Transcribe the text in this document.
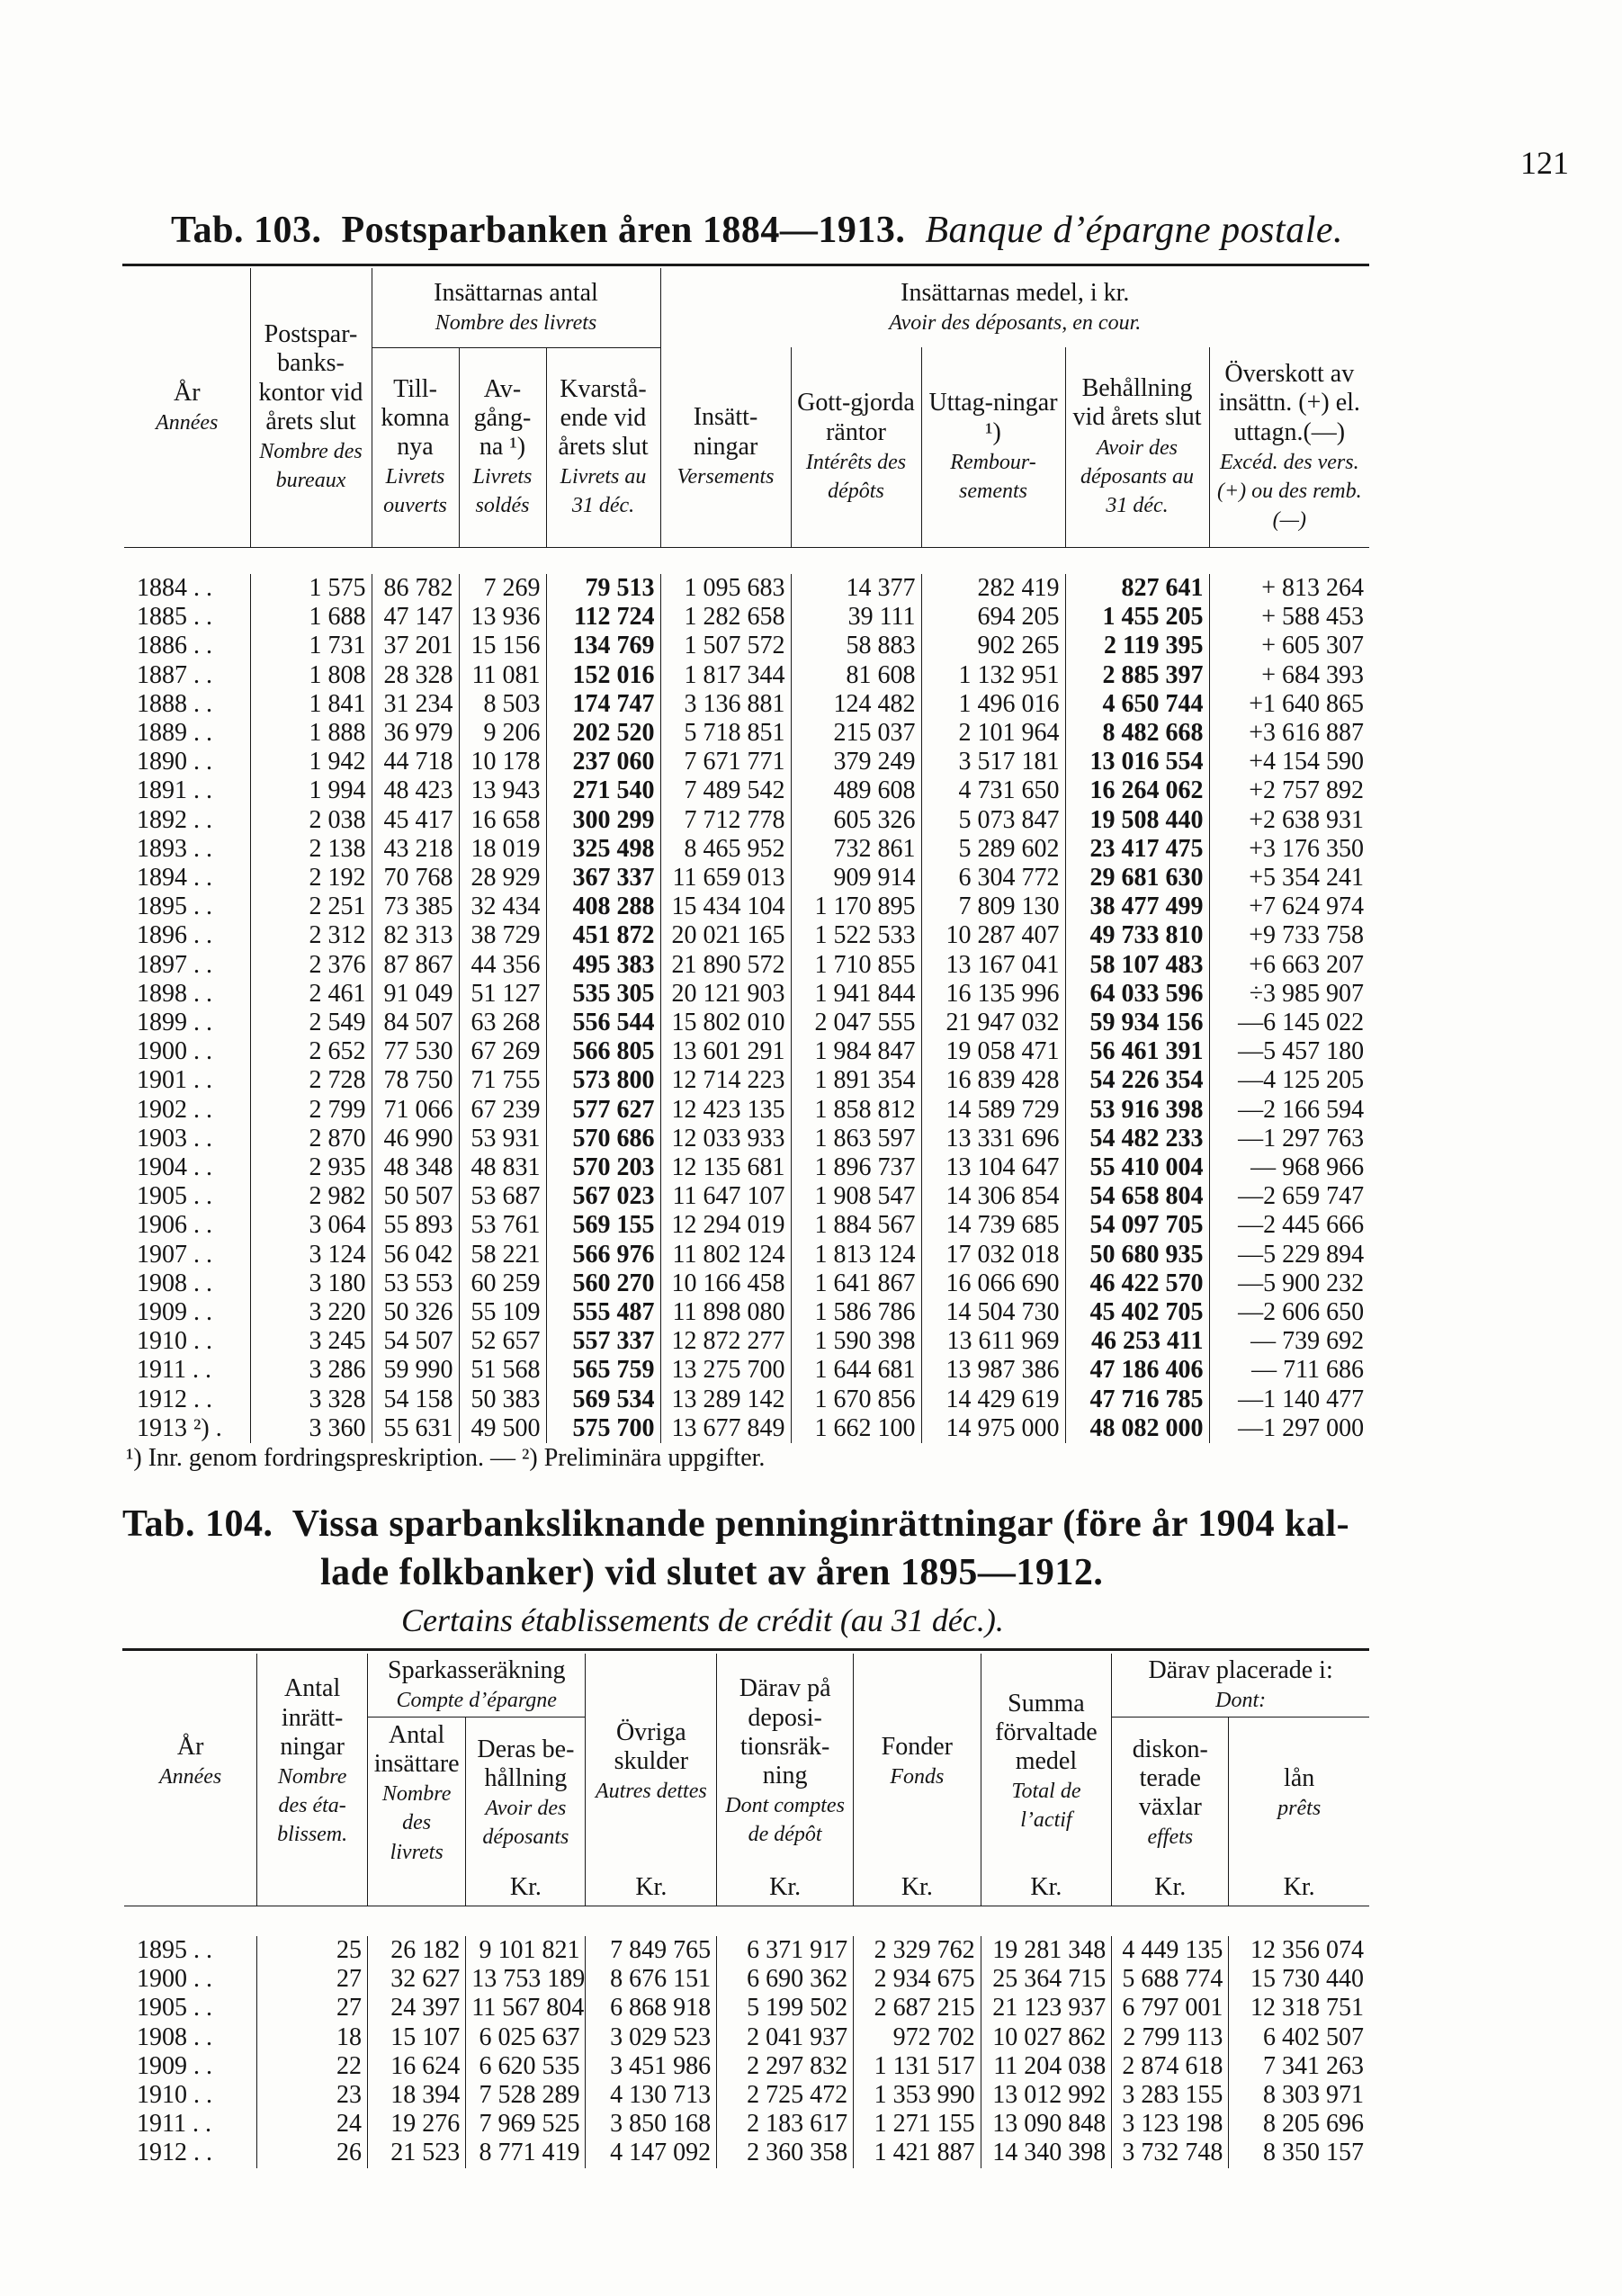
121
Tab. 103. Postsparbanken åren 1884—1913. Banque d’épargne postale.
År
Années	Postspar-banks-kontor vid årets slut
Nombre des bureaux	Insättarnas antal
Nombre des livrets			Insättarnas medel, i kr.
Avoir des déposants, en cour.				
		Till-komna nya
Livrets ouverts	Av-gång-na ¹)
Livrets soldés	Kvarstå-ende vid årets slut
Livrets au 31 déc.	Insätt-ningar
Versements	Gott-gjorda räntor
Intérêts des dépôts	Uttag-ningar ¹)
Rembour-sements	Behållning vid årets slut
Avoir des déposants au 31 déc.	Överskott av insättn. (+) el. uttagn.(—)
Excéd. des vers. (+) ou des remb. (—)

1884 . .	1 575	86 782	7 269	79 513	1 095 683	14 377	282 419	827 641	+ 813 264
1885 . .	1 688	47 147	13 936	112 724	1 282 658	39 111	694 205	1 455 205	+ 588 453
1886 . .	1 731	37 201	15 156	134 769	1 507 572	58 883	902 265	2 119 395	+ 605 307
1887 . .	1 808	28 328	11 081	152 016	1 817 344	81 608	1 132 951	2 885 397	+ 684 393
1888 . .	1 841	31 234	8 503	174 747	3 136 881	124 482	1 496 016	4 650 744	+1 640 865
1889 . .	1 888	36 979	9 206	202 520	5 718 851	215 037	2 101 964	8 482 668	+3 616 887
1890 . .	1 942	44 718	10 178	237 060	7 671 771	379 249	3 517 181	13 016 554	+4 154 590
1891 . .	1 994	48 423	13 943	271 540	7 489 542	489 608	4 731 650	16 264 062	+2 757 892
1892 . .	2 038	45 417	16 658	300 299	7 712 778	605 326	5 073 847	19 508 440	+2 638 931
1893 . .	2 138	43 218	18 019	325 498	8 465 952	732 861	5 289 602	23 417 475	+3 176 350
1894 . .	2 192	70 768	28 929	367 337	11 659 013	909 914	6 304 772	29 681 630	+5 354 241
1895 . .	2 251	73 385	32 434	408 288	15 434 104	1 170 895	7 809 130	38 477 499	+7 624 974
1896 . .	2 312	82 313	38 729	451 872	20 021 165	1 522 533	10 287 407	49 733 810	+9 733 758
1897 . .	2 376	87 867	44 356	495 383	21 890 572	1 710 855	13 167 041	58 107 483	+6 663 207
1898 . .	2 461	91 049	51 127	535 305	20 121 903	1 941 844	16 135 996	64 033 596	÷3 985 907
1899 . .	2 549	84 507	63 268	556 544	15 802 010	2 047 555	21 947 032	59 934 156	—6 145 022
1900 . .	2 652	77 530	67 269	566 805	13 601 291	1 984 847	19 058 471	56 461 391	—5 457 180
1901 . .	2 728	78 750	71 755	573 800	12 714 223	1 891 354	16 839 428	54 226 354	—4 125 205
1902 . .	2 799	71 066	67 239	577 627	12 423 135	1 858 812	14 589 729	53 916 398	—2 166 594
1903 . .	2 870	46 990	53 931	570 686	12 033 933	1 863 597	13 331 696	54 482 233	—1 297 763
1904 . .	2 935	48 348	48 831	570 203	12 135 681	1 896 737	13 104 647	55 410 004	— 968 966
1905 . .	2 982	50 507	53 687	567 023	11 647 107	1 908 547	14 306 854	54 658 804	—2 659 747
1906 . .	3 064	55 893	53 761	569 155	12 294 019	1 884 567	14 739 685	54 097 705	—2 445 666
1907 . .	3 124	56 042	58 221	566 976	11 802 124	1 813 124	17 032 018	50 680 935	—5 229 894
1908 . .	3 180	53 553	60 259	560 270	10 166 458	1 641 867	16 066 690	46 422 570	—5 900 232
1909 . .	3 220	50 326	55 109	555 487	11 898 080	1 586 786	14 504 730	45 402 705	—2 606 650
1910 . .	3 245	54 507	52 657	557 337	12 872 277	1 590 398	13 611 969	46 253 411	— 739 692
1911 . .	3 286	59 990	51 568	565 759	13 275 700	1 644 681	13 987 386	47 186 406	— 711 686
1912 . .	3 328	54 158	50 383	569 534	13 289 142	1 670 856	14 429 619	47 716 785	—1 140 477
1913 ²) .	3 360	55 631	49 500	575 700	13 677 849	1 662 100	14 975 000	48 082 000	—1 297 000
¹) Inr. genom fordringspreskription. — ²) Preliminära uppgifter.
Tab. 104. Vissa sparbanksliknande penninginrättningar (före år 1904 kal-
lade folkbanker) vid slutet av åren 1895—1912.
Certains établissements de crédit (au 31 déc.).
År
Années	Antal inrätt-ningar
Nombre des éta-blissem.	Sparkasseräkning
Compte d’épargne		Övriga skulder
Autres dettes	Därav på deposi-tionsräk-ning
Dont comptes de dépôt	Fonder
Fonds	Summa förvaltade medel
Total de l’actif	Därav placerade i:
Dont:	
		Antal insättare
Nombre des livrets	Deras be-hållning
Avoir des déposants					diskon-terade växlar
effets	lån
prêts
			Kr.	Kr.	Kr.	Kr.	Kr.	Kr.	Kr.

1895 . .	25	26 182	9 101 821	7 849 765	6 371 917	2 329 762	19 281 348	4 449 135	12 356 074
1900 . .	27	32 627	13 753 189	8 676 151	6 690 362	2 934 675	25 364 715	5 688 774	15 730 440
1905 . .	27	24 397	11 567 804	6 868 918	5 199 502	2 687 215	21 123 937	6 797 001	12 318 751
1908 . .	18	15 107	6 025 637	3 029 523	2 041 937	972 702	10 027 862	2 799 113	6 402 507
1909 . .	22	16 624	6 620 535	3 451 986	2 297 832	1 131 517	11 204 038	2 874 618	7 341 263
1910 . .	23	18 394	7 528 289	4 130 713	2 725 472	1 353 990	13 012 992	3 283 155	8 303 971
1911 . .	24	19 276	7 969 525	3 850 168	2 183 617	1 271 155	13 090 848	3 123 198	8 205 696
1912 . .	26	21 523	8 771 419	4 147 092	2 360 358	1 421 887	14 340 398	3 732 748	8 350 157
